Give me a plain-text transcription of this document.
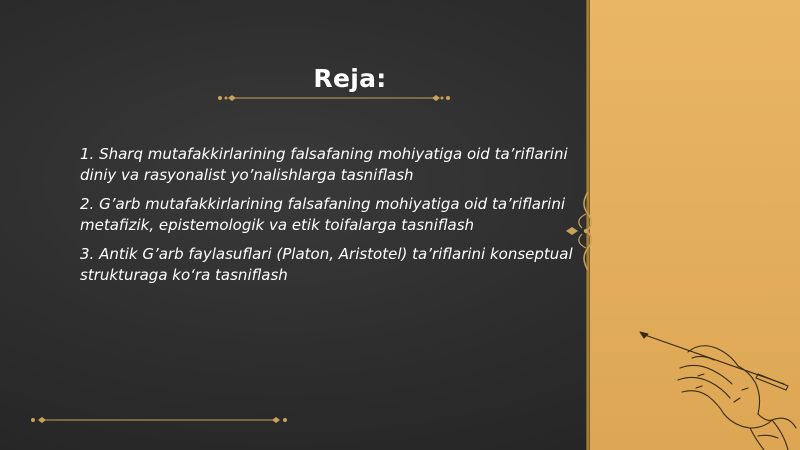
Reja:
1. Sharq mutafakkirlarining falsafaning mohiyatiga oid ta’riflarini diniy va rasyonalist yo’nalishlarga tasniflash
2. G’arb mutafakkirlarining falsafaning mohiyatiga oid ta’riflarini metafizik, epistemologik va etik toifalarga tasniflash
3. Antik G’arb faylasuflari (Platon, Aristotel) ta’riflarini konseptual strukturaga ko‘ra tasniflash
